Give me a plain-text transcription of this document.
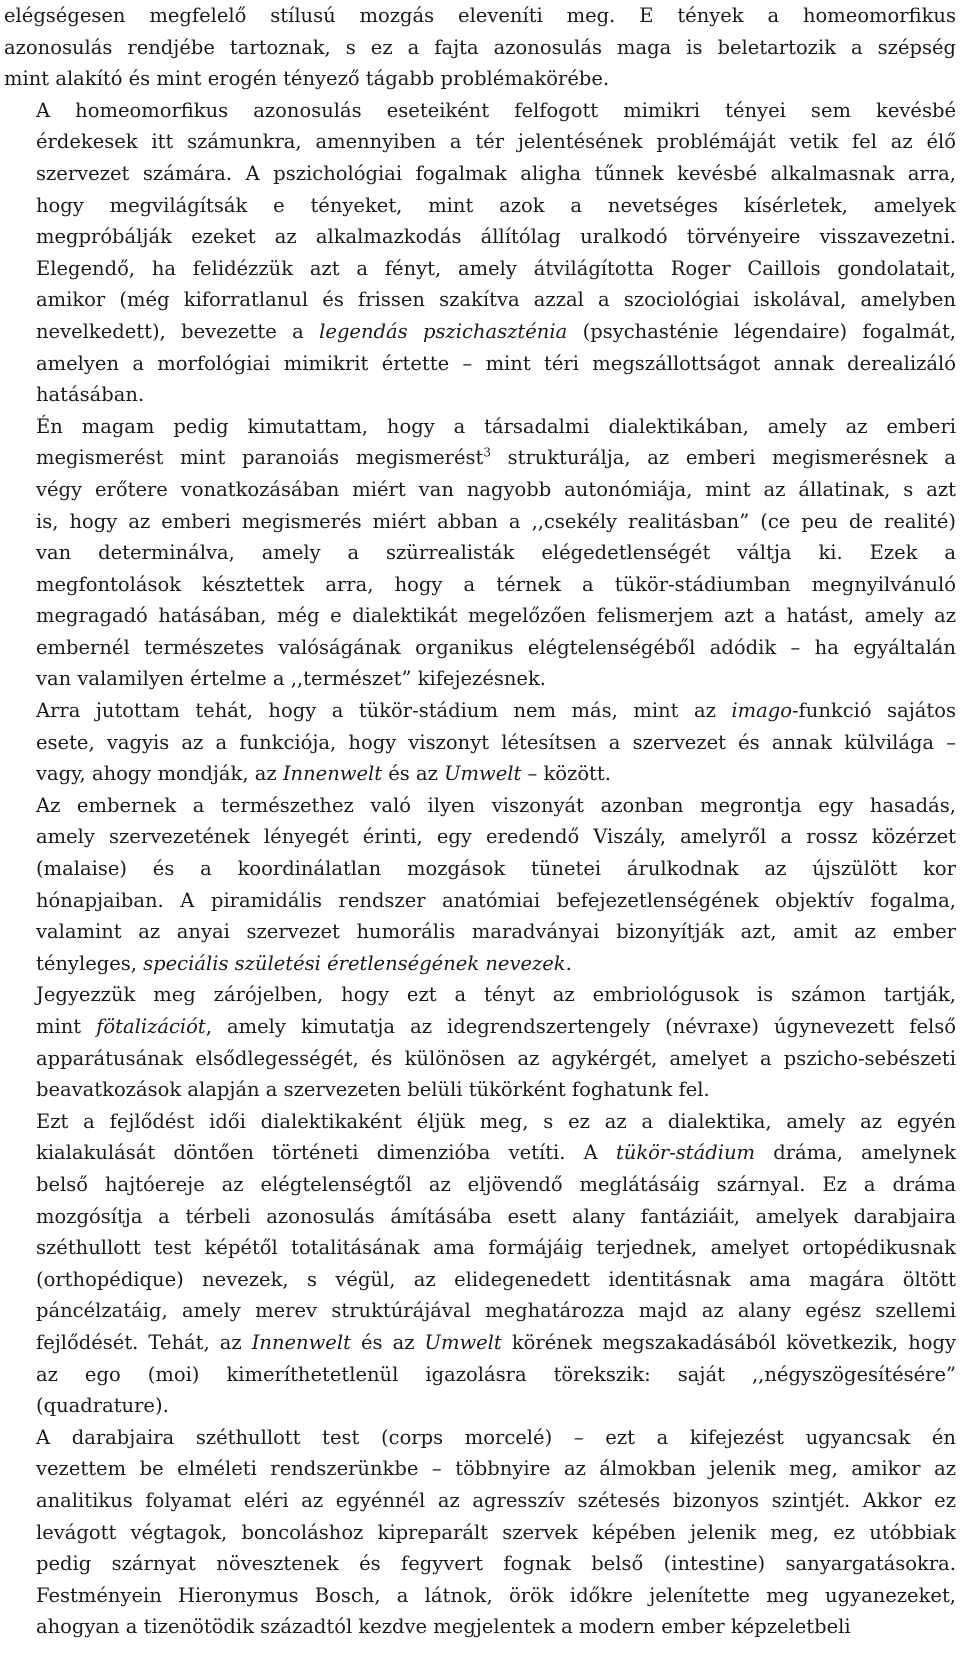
elégségesen megfelelő stílusú mozgás eleveníti meg. E tények a homeomorfikus
azonosulás rendjébe tartoznak, s ez a fajta azonosulás maga is beletartozik a szépség
mint alakító és mint erogén tényező tágabb problémakörébe.
A homeomorfikus azonosulás eseteiként felfogott mimikri tényei sem kevésbé
érdekesek itt számunkra, amennyiben a tér jelentésének problémáját vetik fel az élő
szervezet számára. A pszichológiai fogalmak aligha tűnnek kevésbé alkalmasnak arra,
hogy megvilágítsák e tényeket, mint azok a nevetséges kísérletek, amelyek
megpróbálják ezeket az alkalmazkodás állítólag uralkodó törvényeire visszavezetni.
Elegendő, ha felidézzük azt a fényt, amely átvilágította Roger Caillois gondolatait,
amikor (még kiforratlanul és frissen szakítva azzal a szociológiai iskolával, amelyben
nevelkedett), bevezette a legendás pszichaszténia (psychasténie légendaire) fogalmát,
amelyen a morfológiai mimikrit értette – mint téri megszállottságot annak derealizáló
hatásában.
Én magam pedig kimutattam, hogy a társadalmi dialektikában, amely az emberi
megismerést mint paranoiás megismerést$^3$ strukturálja, az emberi megismerésnek a
végy erőtere vonatkozásában miért van nagyobb autonómiája, mint az állatinak, s azt
is, hogy az emberi megismerés miért abban a ,,csekély realitásban” (ce peu de realité)
van determinálva, amely a szürrealisták elégedetlenségét váltja ki. Ezek a
megfontolások késztettek arra, hogy a térnek a tükör-stádiumban megnyilvánuló
megragadó hatásában, még e dialektikát megelőzően felismerjem azt a hatást, amely az
embernél természetes valóságának organikus elégtelenségéből adódik – ha egyáltalán
van valamilyen értelme a ,,természet” kifejezésnek.
Arra jutottam tehát, hogy a tükör-stádium nem más, mint az imago-funkció sajátos
esete, vagyis az a funkciója, hogy viszonyt létesítsen a szervezet és annak külvilága –
vagy, ahogy mondják, az Innenwelt és az Umwelt – között.
Az embernek a természethez való ilyen viszonyát azonban megrontja egy hasadás,
amely szervezetének lényegét érinti, egy eredendő Viszály, amelyről a rossz közérzet
(malaise) és a koordinálatlan mozgások tünetei árulkodnak az újszülött kor
hónapjaiban. A piramidális rendszer anatómiai befejezetlenségének objektív fogalma,
valamint az anyai szervezet humorális maradványai bizonyítják azt, amit az ember
tényleges, speciális születési éretlenségének nevezek.
Jegyezzük meg zárójelben, hogy ezt a tényt az embriológusok is számon tartják,
mint fötalizációt, amely kimutatja az idegrendszertengely (névraxe) úgynevezett felső
apparátusának elsődlegességét, és különösen az agykérgét, amelyet a pszicho-sebészeti
beavatkozások alapján a szervezeten belüli tükörként foghatunk fel.
Ezt a fejlődést idői dialektikaként éljük meg, s ez az a dialektika, amely az egyén
kialakulását döntően történeti dimenzióba vetíti. A tükör-stádium dráma, amelynek
belső hajtóereje az elégtelenségtől az eljövendő meglátásáig szárnyal. Ez a dráma
mozgósítja a térbeli azonosulás ámításába esett alany fantáziáit, amelyek darabjaira
széthullott test képétől totalitásának ama formájáig terjednek, amelyet ortopédikusnak
(orthopédique) nevezek, s végül, az elidegenedett identitásnak ama magára öltött
páncélzatáig, amely merev struktúrájával meghatározza majd az alany egész szellemi
fejlődését. Tehát, az Innenwelt és az Umwelt körének megszakadásából következik, hogy
az ego (moi) kimeríthetetlenül igazolásra törekszik: saját ,,négyszögesítésére”
(quadrature).
A darabjaira széthullott test (corps morcelé) – ezt a kifejezést ugyancsak én
vezettem be elméleti rendszerünkbe – többnyire az álmokban jelenik meg, amikor az
analitikus folyamat eléri az egyénnél az agresszív szétesés bizonyos szintjét. Akkor ez
levágott végtagok, boncoláshoz kipreparált szervek képében jelenik meg, ez utóbbiak
pedig szárnyat növesztenek és fegyvert fognak belső (intestine) sanyargatásokra.
Festményein Hieronymus Bosch, a látnok, örök időkre jelenítette meg ugyanezeket,
ahogyan a tizenötödik századtól kezdve megjelentek a modern ember képzeletbeli
